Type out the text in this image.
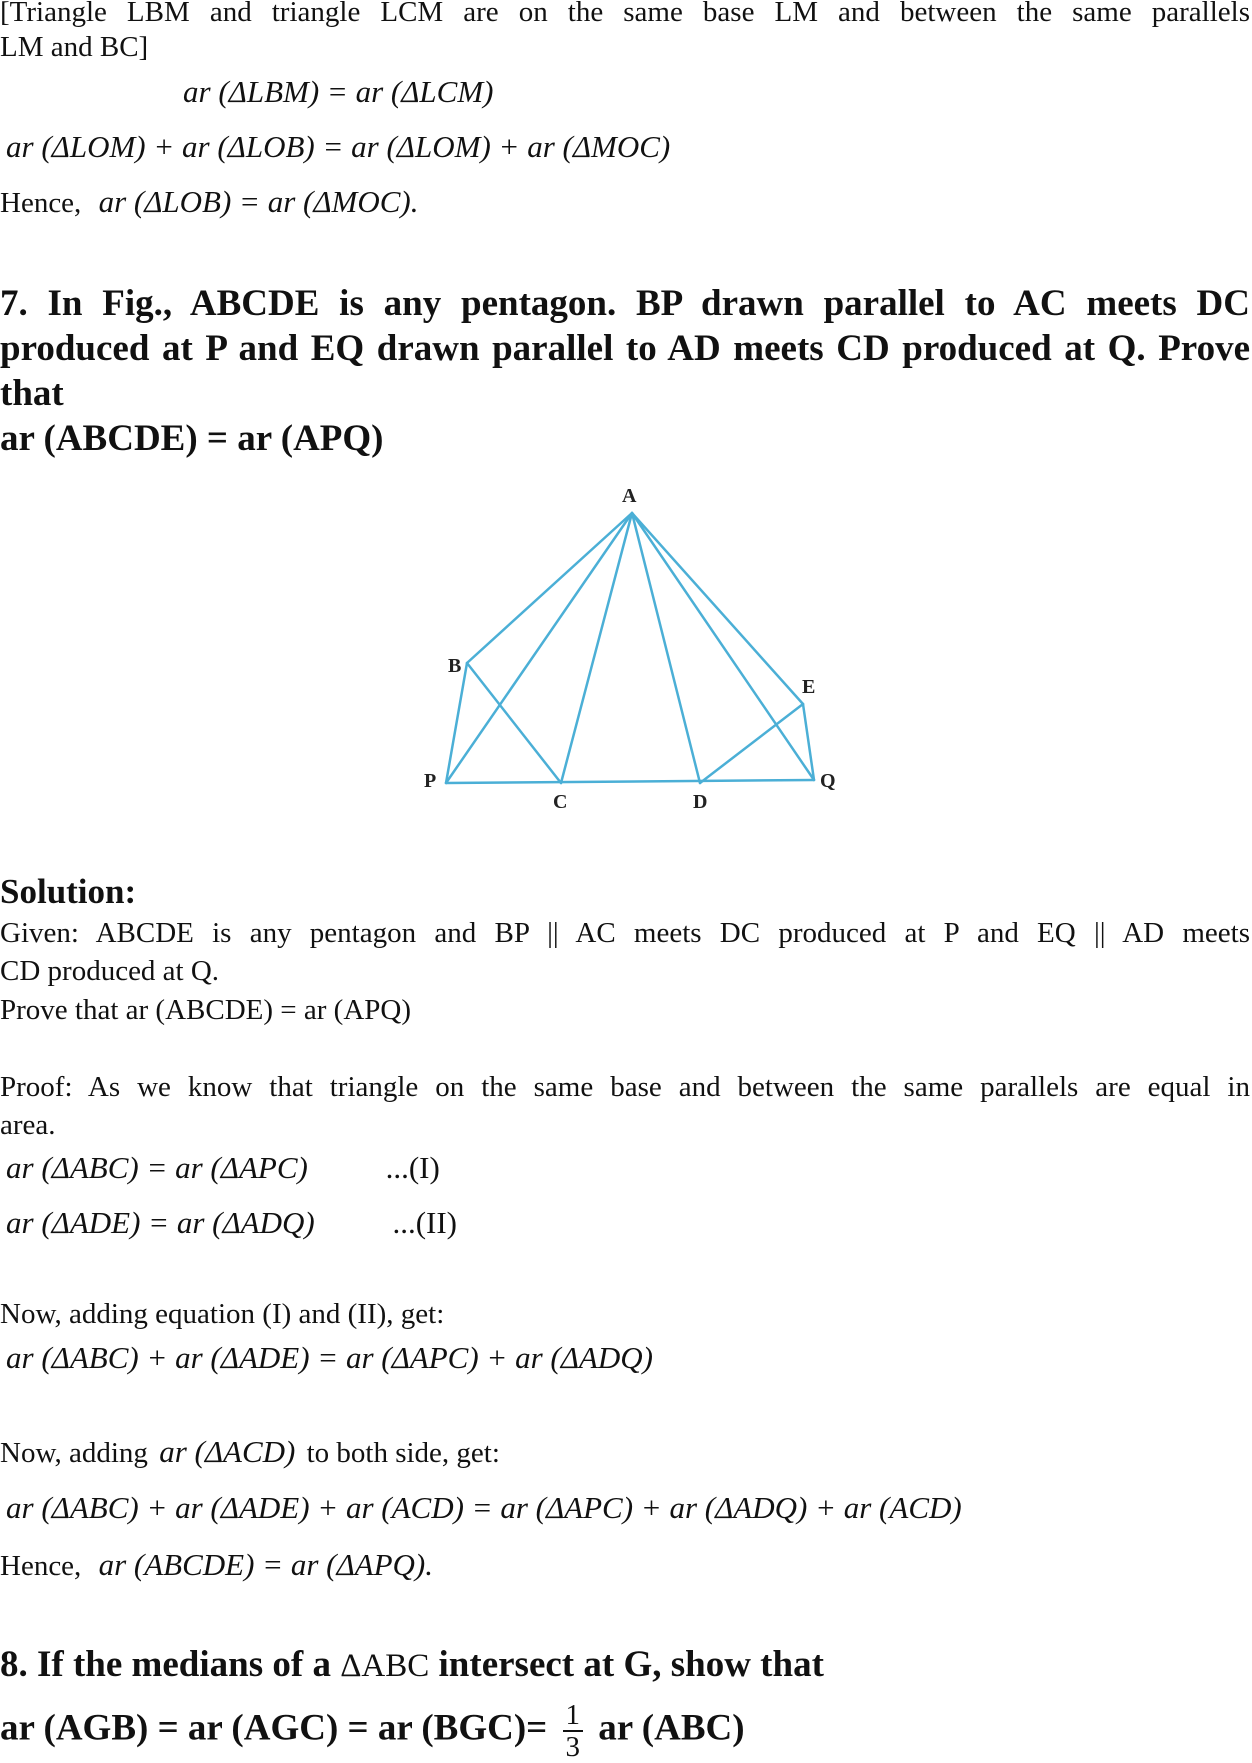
[Triangle LBM and triangle LCM are on the same base LM and between the same parallels
LM and BC]
ar (ΔLBM) = ar (ΔLCM)
ar (ΔLOM) + ar (ΔLOB) = ar (ΔLOM) + ar (ΔMOC)
Hence, ar (ΔLOB) = ar (ΔMOC).
7. In Fig., ABCDE is any pentagon. BP drawn parallel to AC meets DC
produced at P and EQ drawn parallel to AD meets CD produced at Q. Prove
that
ar (ABCDE) = ar (APQ)
A
B
E
P
C	D
Q
Solution:
Given: ABCDE is any pentagon and BP || AC meets DC produced at P and EQ || AD meets
CD produced at Q.
Prove that ar (ABCDE) = ar (APQ)
Proof: As we know that triangle on the same base and between the same parallels are equal in
area.
ar (ΔABC) = ar (ΔAPC)	...(I)
ar (ΔADE) = ar (ΔADQ)	...(II)
Now, adding equation (I) and (II), get:
ar (ΔABC) + ar (ΔADE) = ar (ΔAPC) + ar (ΔADQ)
Now, adding ar (ΔACD) to both side, get:
ar (ΔABC) + ar (ΔADE) + ar (ACD) = ar (ΔAPC) + ar (ΔADQ) + ar (ACD)
Hence, ar (ABCDE) = ar (ΔAPQ).
8. If the medians of a ΔABC intersect at G, show that
ar (AGB) = ar (AGC) = ar $(BGC)= \frac{1}{3}$ ar (ABC)
